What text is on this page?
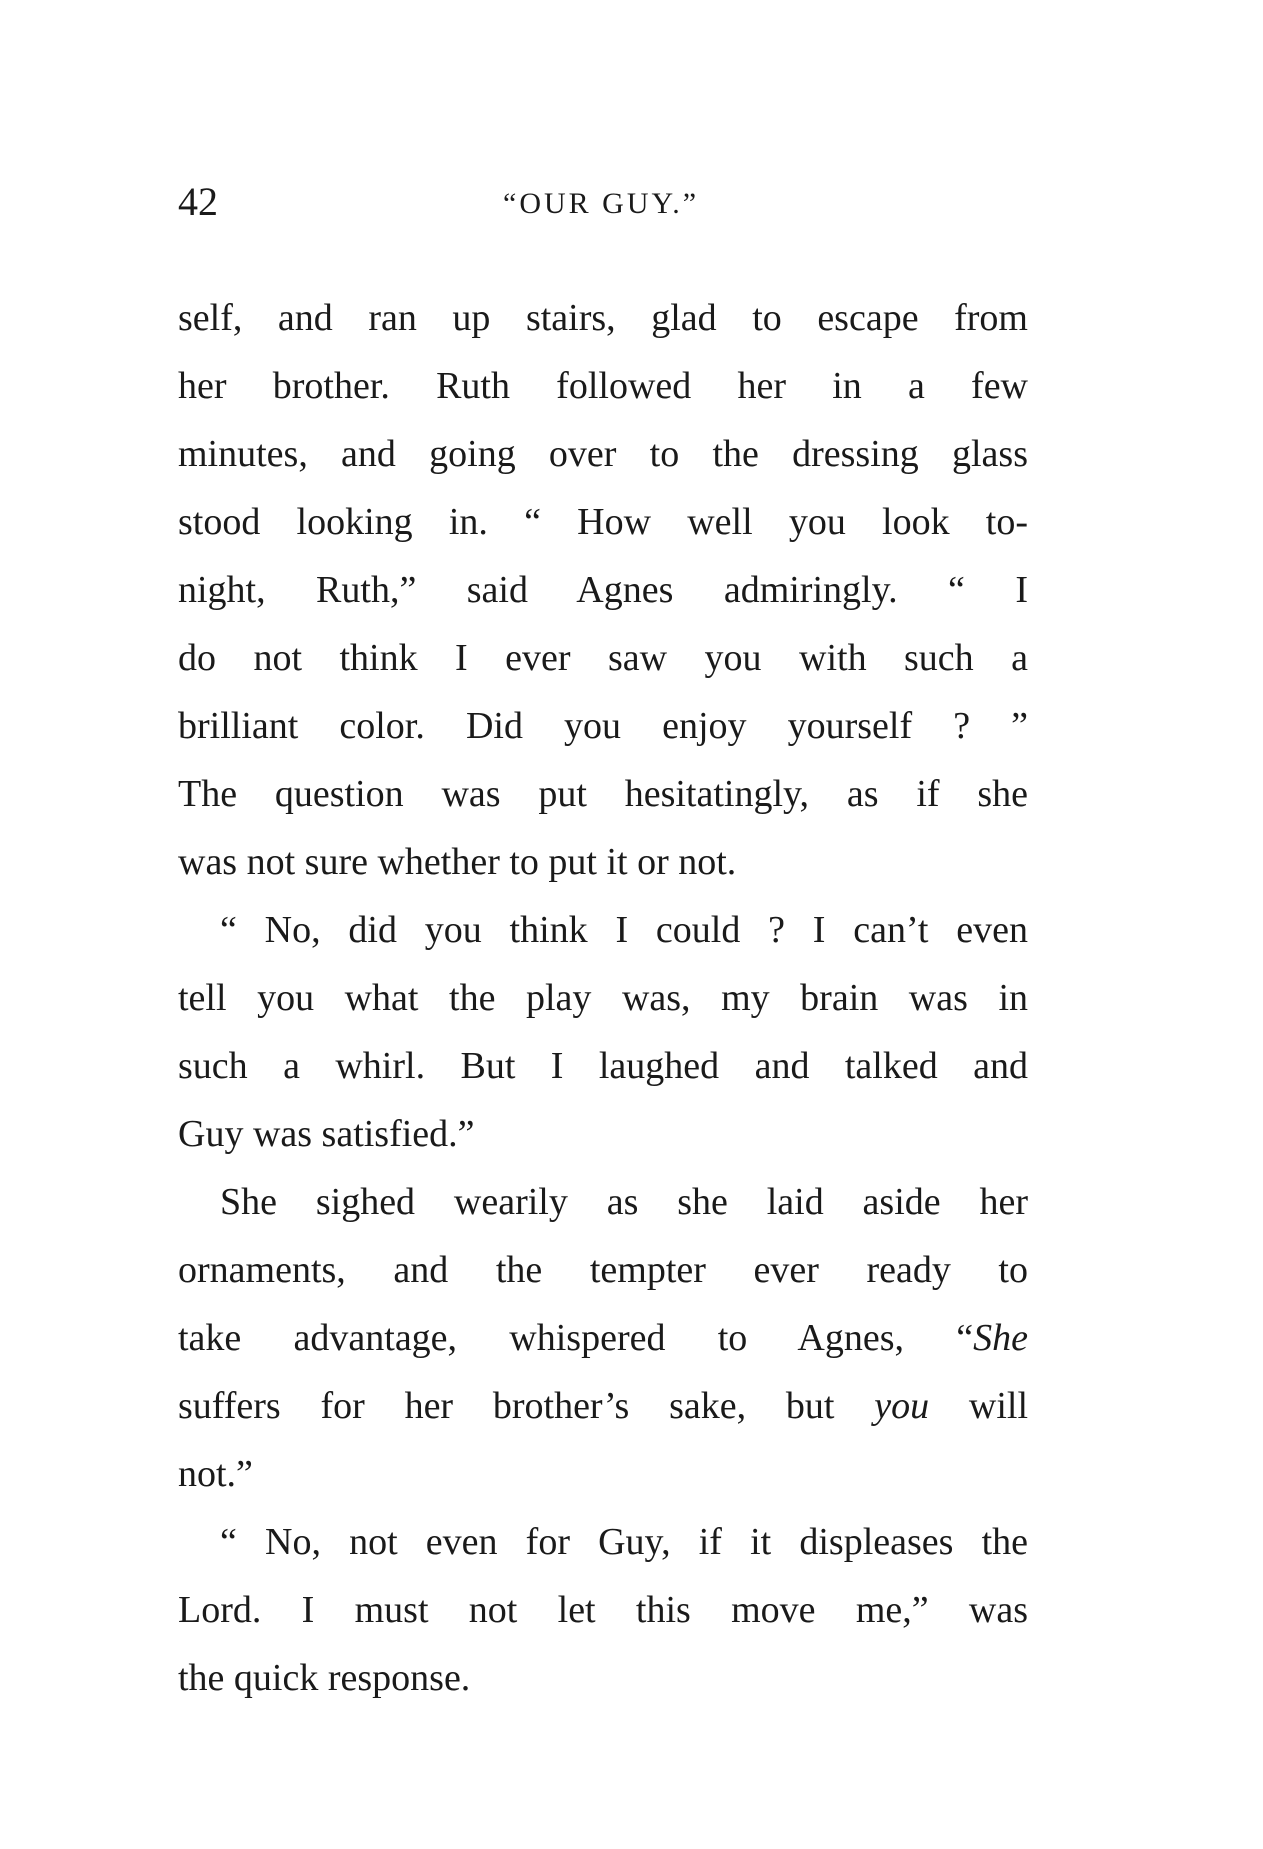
42	“OUR GUY.”
self, and ran up stairs, glad to escape from
her brother. Ruth followed her in a few
minutes, and going over to the dressing glass
stood looking in. “ How well you look to-
night, Ruth,” said Agnes admiringly. “ I
do not think I ever saw you with such a
brilliant color. Did you enjoy yourself ? ”
The question was put hesitatingly, as if she
was not sure whether to put it or not.
“ No, did you think I could ? I can’t even
tell you what the play was, my brain was in
such a whirl. But I laughed and talked and
Guy was satisfied.”
She sighed wearily as she laid aside her
ornaments, and the tempter ever ready to
take advantage, whispered to Agnes, “She
suffers for her brother’s sake, but you will
not.”
“ No, not even for Guy, if it displeases the
Lord. I must not let this move me,” was
the quick response.
